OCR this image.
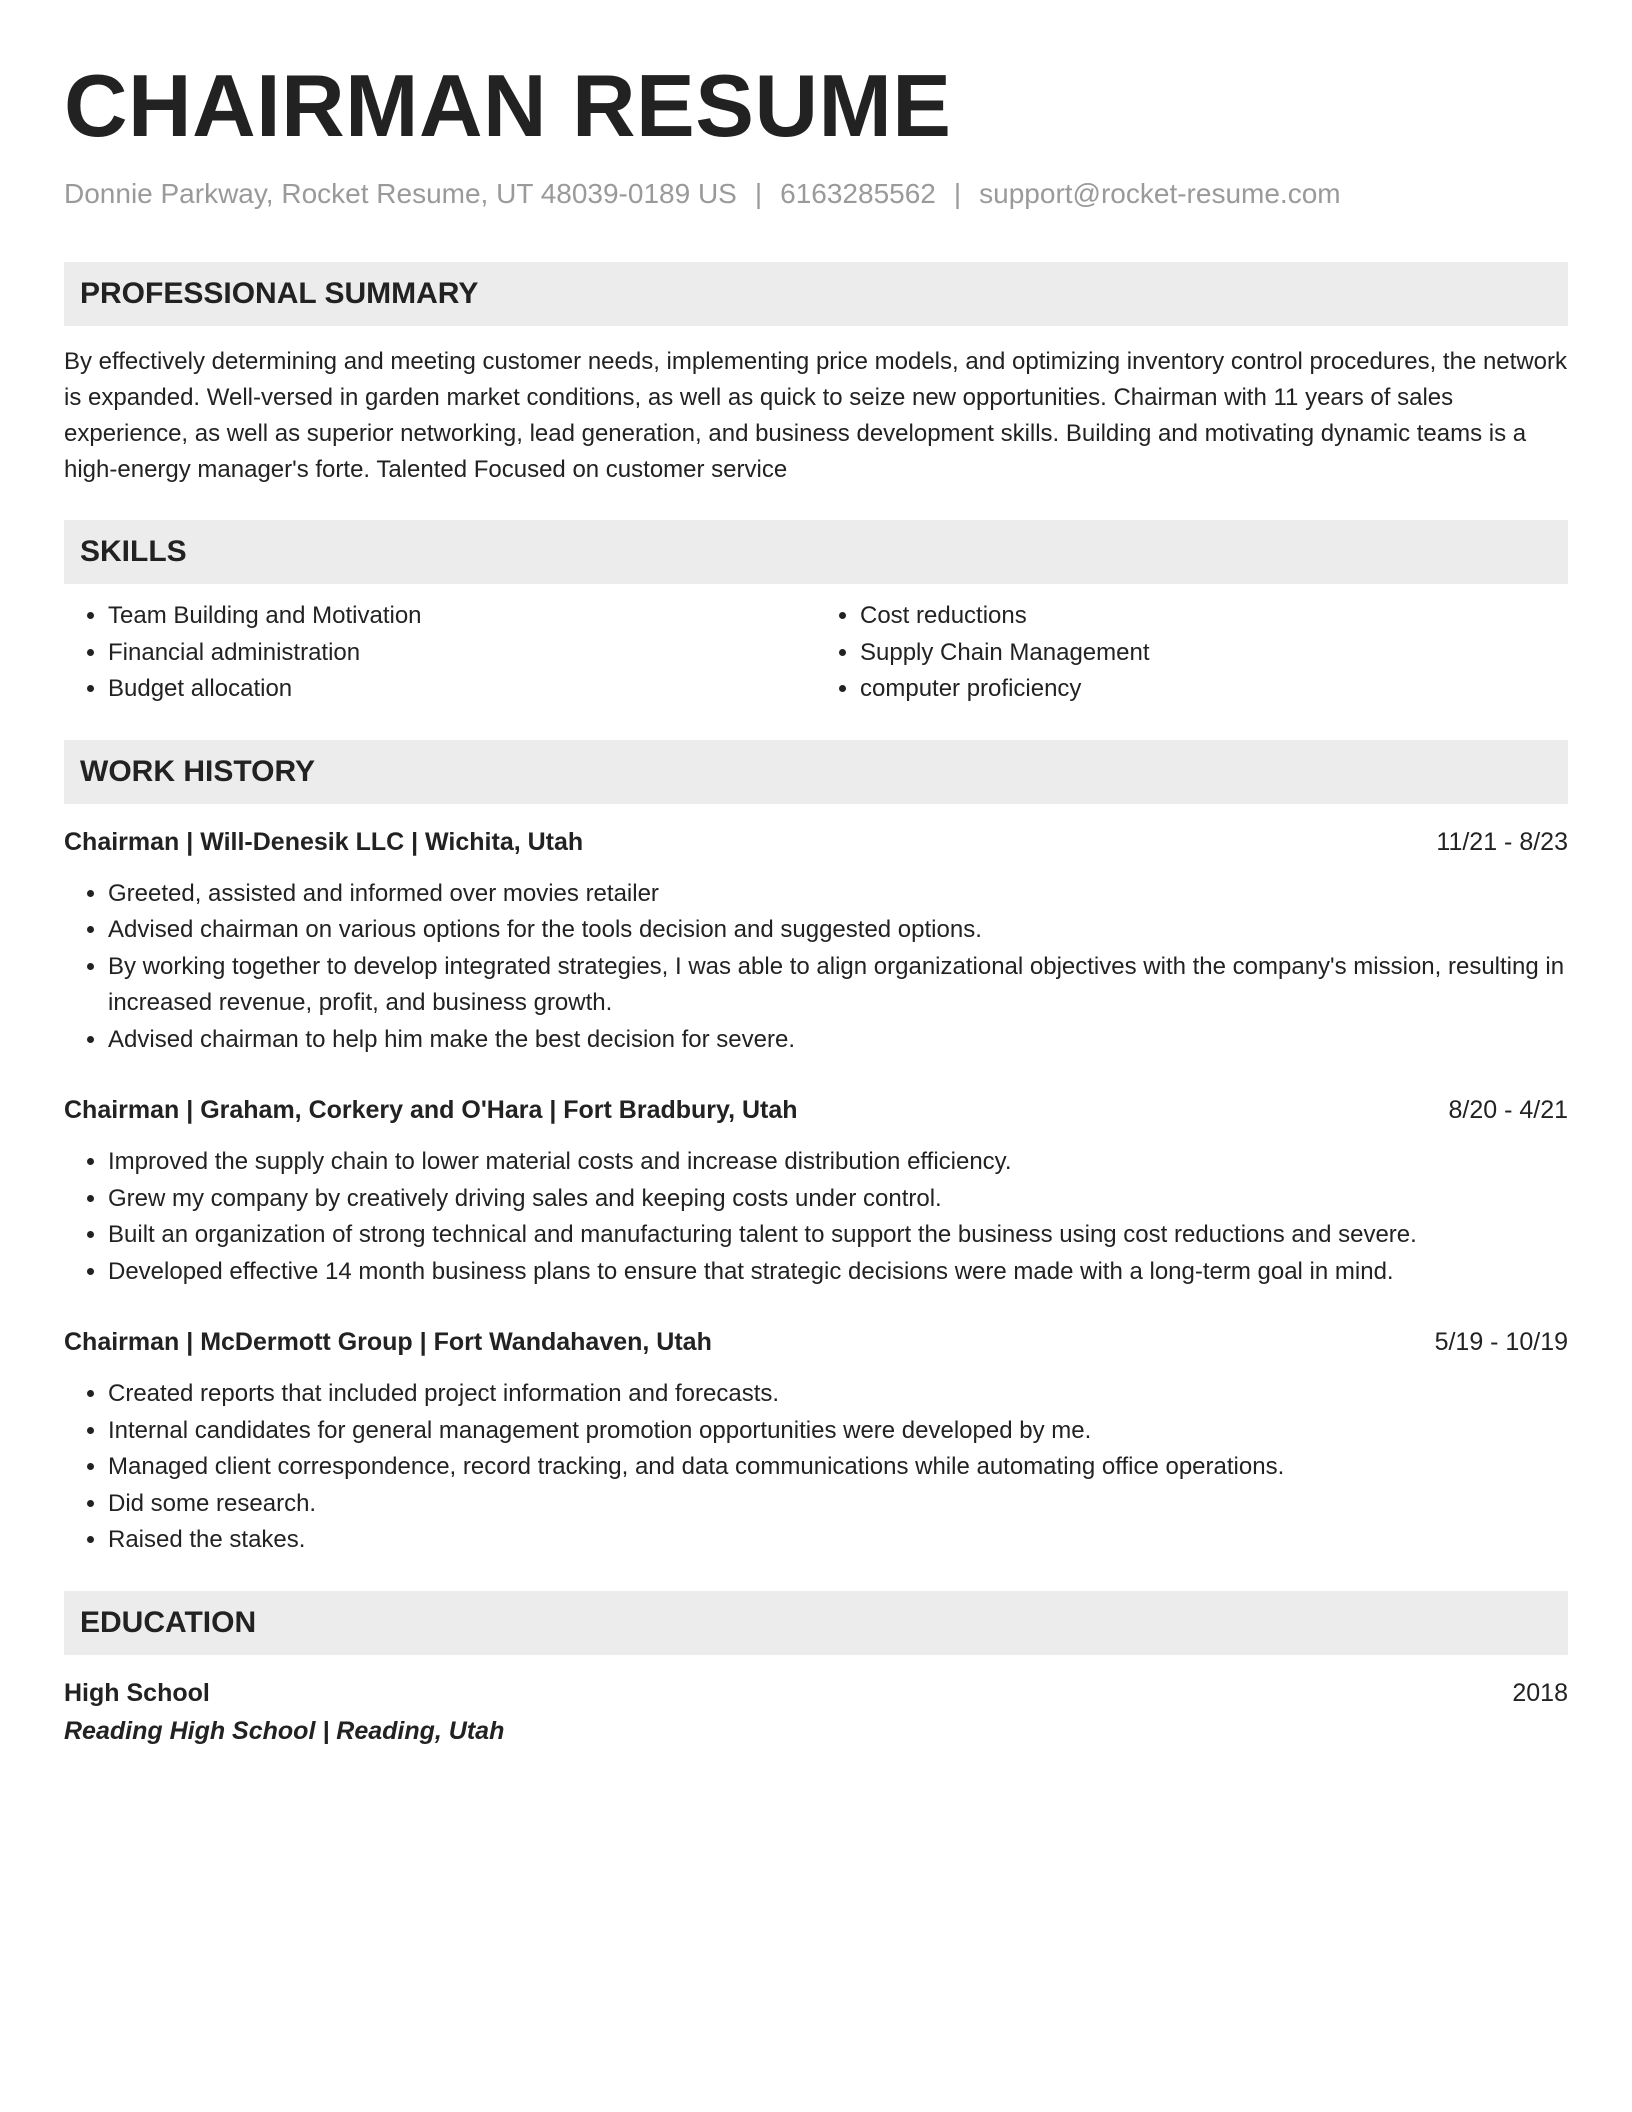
CHAIRMAN RESUME
Donnie Parkway, Rocket Resume, UT 48039-0189 US | 6163285562 | support@rocket-resume.com
PROFESSIONAL SUMMARY
By effectively determining and meeting customer needs, implementing price models, and optimizing inventory control procedures, the network is expanded. Well-versed in garden market conditions, as well as quick to seize new opportunities. Chairman with 11 years of sales experience, as well as superior networking, lead generation, and business development skills. Building and motivating dynamic teams is a high-energy manager's forte. Talented Focused on customer service
SKILLS
• Team Building and Motivation
• Financial administration
• Budget allocation
• Cost reductions
• Supply Chain Management
• computer proficiency
WORK HISTORY
Chairman | Will-Denesik LLC | Wichita, Utah	11/21 - 8/23
• Greeted, assisted and informed over movies retailer
• Advised chairman on various options for the tools decision and suggested options.
• By working together to develop integrated strategies, I was able to align organizational objectives with the company's mission, resulting in increased revenue, profit, and business growth.
• Advised chairman to help him make the best decision for severe.
Chairman | Graham, Corkery and O'Hara | Fort Bradbury, Utah	8/20 - 4/21
• Improved the supply chain to lower material costs and increase distribution efficiency.
• Grew my company by creatively driving sales and keeping costs under control.
• Built an organization of strong technical and manufacturing talent to support the business using cost reductions and severe.
• Developed effective 14 month business plans to ensure that strategic decisions were made with a long-term goal in mind.
Chairman | McDermott Group | Fort Wandahaven, Utah	5/19 - 10/19
• Created reports that included project information and forecasts.
• Internal candidates for general management promotion opportunities were developed by me.
• Managed client correspondence, record tracking, and data communications while automating office operations.
• Did some research.
• Raised the stakes.
EDUCATION
High School	2018
Reading High School | Reading, Utah
